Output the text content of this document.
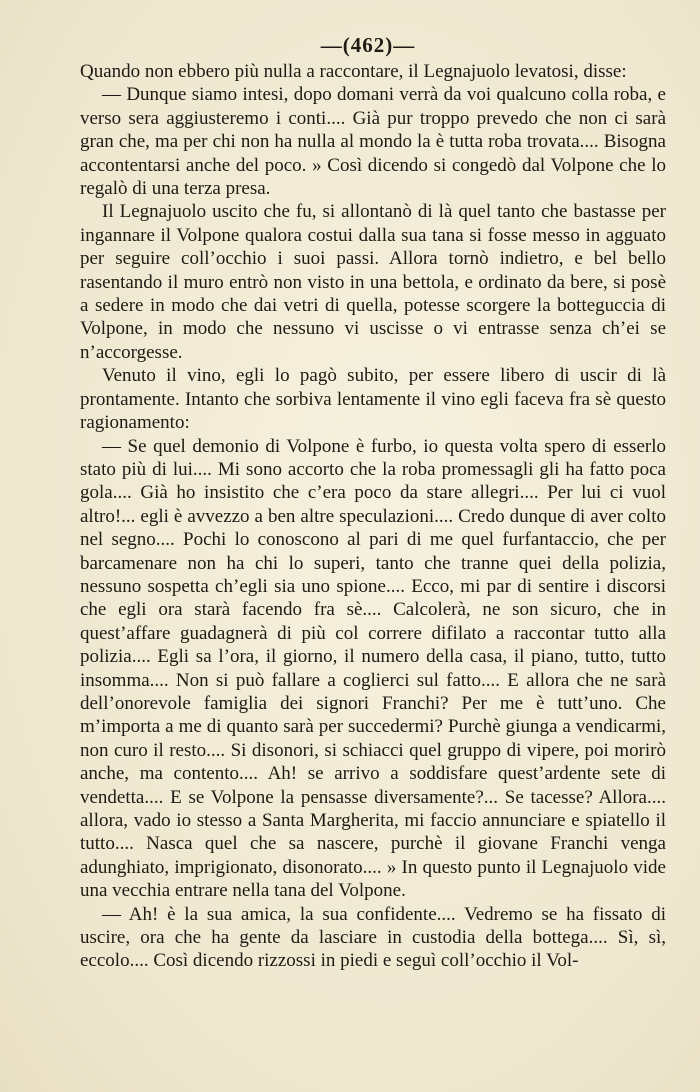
—(462)—

Quando non ebbero più nulla a raccontare, il Legnajuolo levatosi, disse:

— Dunque siamo intesi, dopo domani verrà da voi qualcuno colla roba, e verso sera aggiusteremo i conti.... Già pur troppo prevedo che non ci sarà gran che, ma per chi non ha nulla al mondo la è tutta roba trovata.... Bisogna accontentarsi anche del poco. » Così dicendo si congedò dal Volpone che lo regalò di una terza presa.

Il Legnajuolo uscito che fu, si allontanò di là quel tanto che bastasse per ingannare il Volpone qualora costui dalla sua tana si fosse messo in agguato per seguire coll’occhio i suoi passi. Allora tornò indietro, e bel bello rasentando il muro entrò non visto in una bettola, e ordinato da bere, si posè a sedere in modo che dai vetri di quella, potesse scorgere la botteguccia di Volpone, in modo che nessuno vi uscisse o vi entrasse senza ch’ei se n’accorgesse.

Venuto il vino, egli lo pagò subito, per essere libero di uscir di là prontamente. Intanto che sorbiva lentamente il vino egli faceva fra sè questo ragionamento:

— Se quel demonio di Volpone è furbo, io questa volta spero di esserlo stato più di lui.... Mi sono accorto che la roba promessagli gli ha fatto poca gola.... Già ho insistito che c’era poco da stare allegri.... Per lui ci vuol altro!... egli è avvezzo a ben altre speculazioni.... Credo dunque di aver colto nel segno.... Pochi lo conoscono al pari di me quel furfantaccio, che per barcamenare non ha chi lo superi, tanto che tranne quei della polizia, nessuno sospetta ch’egli sia uno spione.... Ecco, mi par di sentire i discorsi che egli ora starà facendo fra sè.... Calcolerà, ne son sicuro, che in quest’affare guadagnerà di più col correre difilato a raccontar tutto alla polizia.... Egli sa l’ora, il giorno, il numero della casa, il piano, tutto, tutto insomma.... Non si può fallare a coglierci sul fatto.... E allora che ne sarà dell’onorevole famiglia dei signori Franchi? Per me è tutt’uno. Che m’importa a me di quanto sarà per succedermi? Purchè giunga a vendicarmi, non curo il resto.... Si disonori, si schiacci quel gruppo di vipere, poi morirò anche, ma contento.... Ah! se arrivo a soddisfare quest’ardente sete di vendetta.... E se Volpone la pensasse diversamente?... Se tacesse? Allora.... allora, vado io stesso a Santa Margherita, mi faccio annunciare e spiatello il tutto.... Nasca quel che sa nascere, purchè il giovane Franchi venga adunghiato, imprigionato, disonorato.... » In questo punto il Legnajuolo vide una vecchia entrare nella tana del Volpone.

— Ah! è la sua amica, la sua confidente.... Vedremo se ha fissato di uscire, ora che ha gente da lasciare in custodia della bottega.... Sì, sì, eccolo.... Così dicendo rizzossi in piedi e seguì coll’occhio il Vol-
